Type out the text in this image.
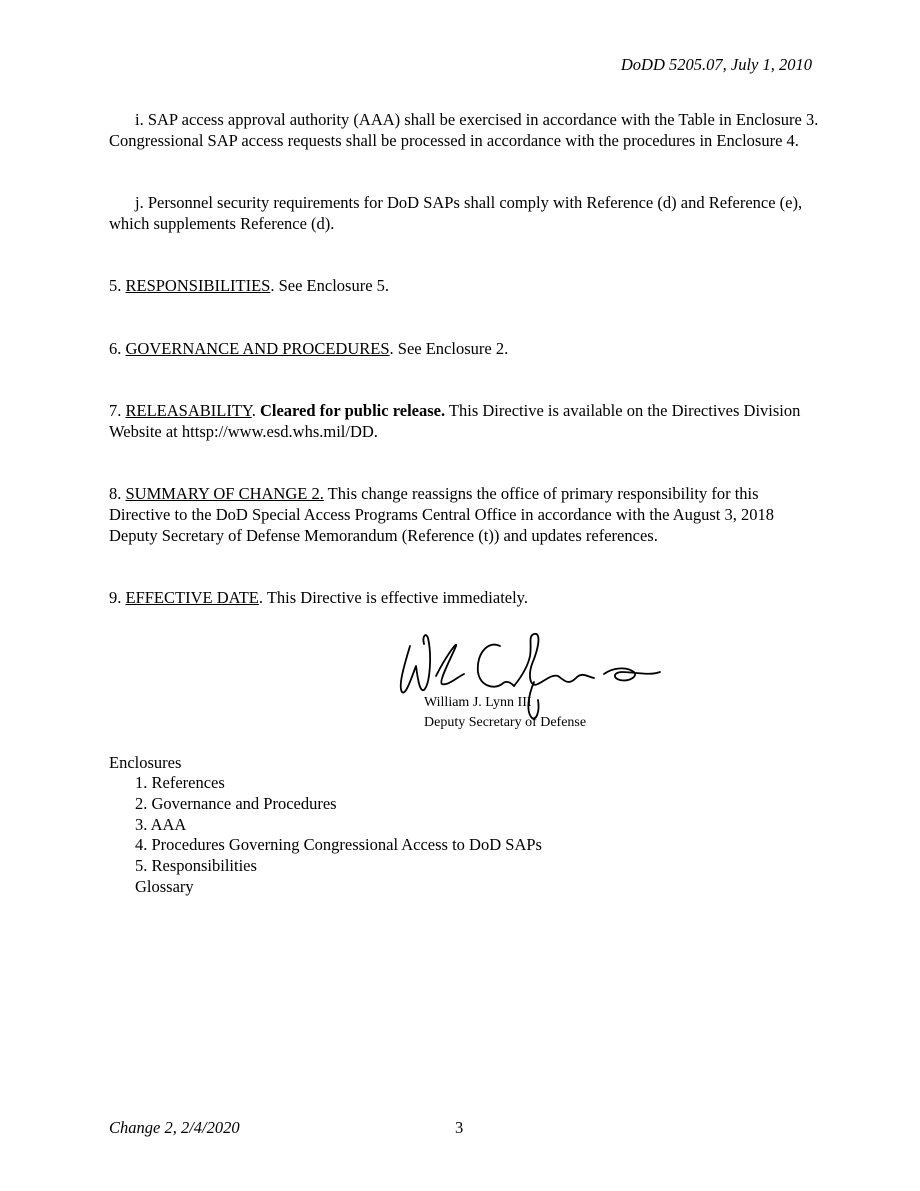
DoDD 5205.07, July 1, 2010
i. SAP access approval authority (AAA) shall be exercised in accordance with the Table in Enclosure 3. Congressional SAP access requests shall be processed in accordance with the procedures in Enclosure 4.
j. Personnel security requirements for DoD SAPs shall comply with Reference (d) and Reference (e), which supplements Reference (d).
5. RESPONSIBILITIES. See Enclosure 5.
6. GOVERNANCE AND PROCEDURES. See Enclosure 2.
7. RELEASABILITY. Cleared for public release. This Directive is available on the Directives Division Website at httsp://www.esd.whs.mil/DD.
8. SUMMARY OF CHANGE 2. This change reassigns the office of primary responsibility for this Directive to the DoD Special Access Programs Central Office in accordance with the August 3, 2018 Deputy Secretary of Defense Memorandum (Reference (t)) and updates references.
9. EFFECTIVE DATE. This Directive is effective immediately.
William J. Lynn III
Deputy Secretary of Defense
Enclosures
1. References
2. Governance and Procedures
3. AAA
4. Procedures Governing Congressional Access to DoD SAPs
5. Responsibilities
Glossary
Change 2, 2/4/2020	3
